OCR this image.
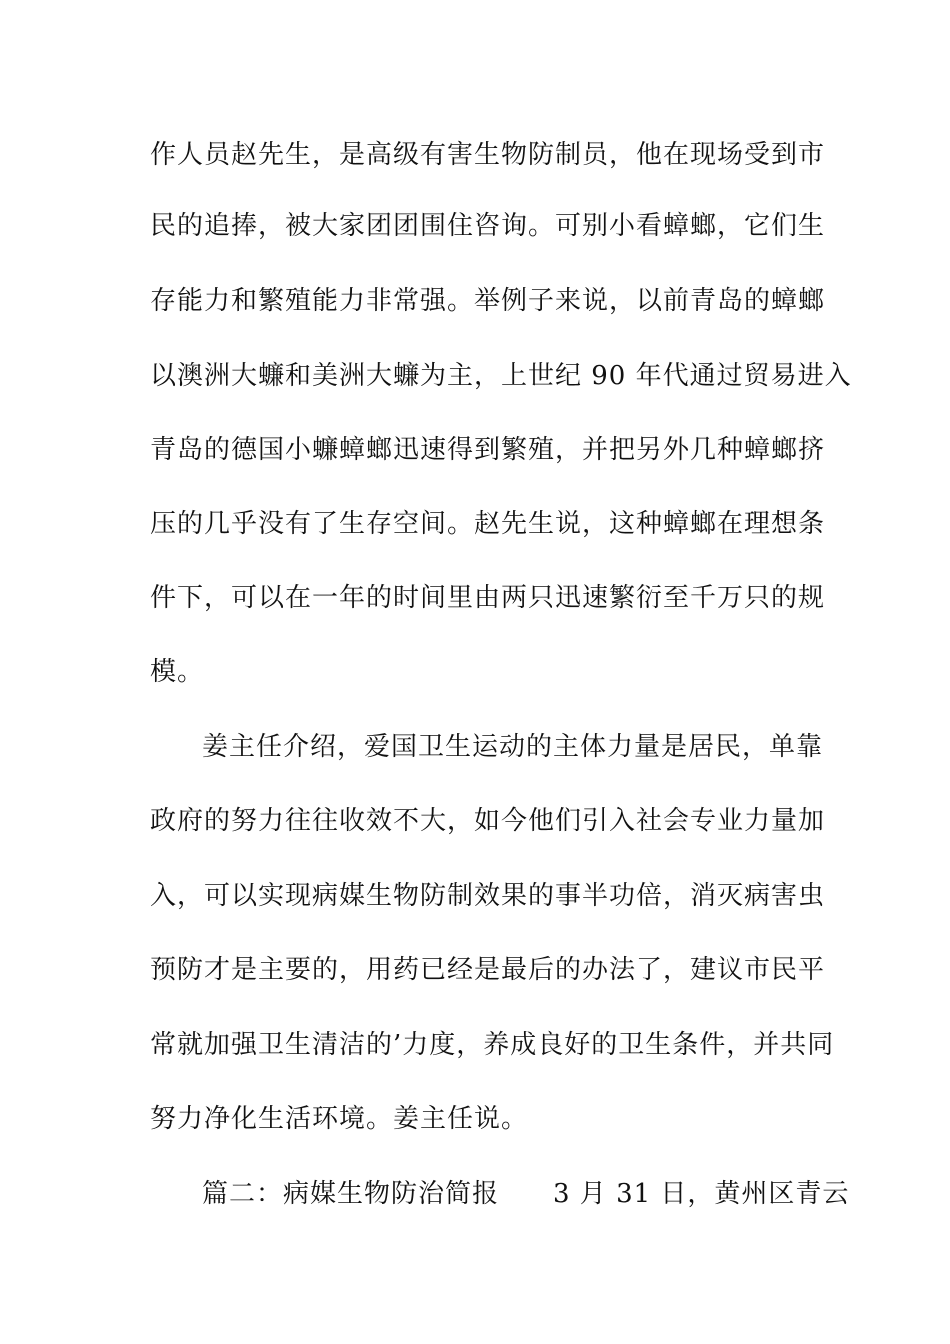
作人员赵先生，是高级有害生物防制员，他在现场受到市
民的追捧，被大家团团围住咨询。可别小看蟑螂，它们生
存能力和繁殖能力非常强。举例子来说，以前青岛的蟑螂
以澳洲大蠊和美洲大蠊为主，上世纪 90 年代通过贸易进入
青岛的德国小蠊蟑螂迅速得到繁殖，并把另外几种蟑螂挤
压的几乎没有了生存空间。赵先生说，这种蟑螂在理想条
件下，可以在一年的时间里由两只迅速繁衍至千万只的规
模。
姜主任介绍，爱国卫生运动的主体力量是居民，单靠
政府的努力往往收效不大，如今他们引入社会专业力量加
入，可以实现病媒生物防制效果的事半功倍，消灭病害虫
预防才是主要的，用药已经是最后的办法了，建议市民平
常就加强卫生清洁的’力度，养成良好的卫生条件，并共同
努力净化生活环境。姜主任说。
篇二：病媒生物防治简报　　3 月 31 日，黄州区青云
